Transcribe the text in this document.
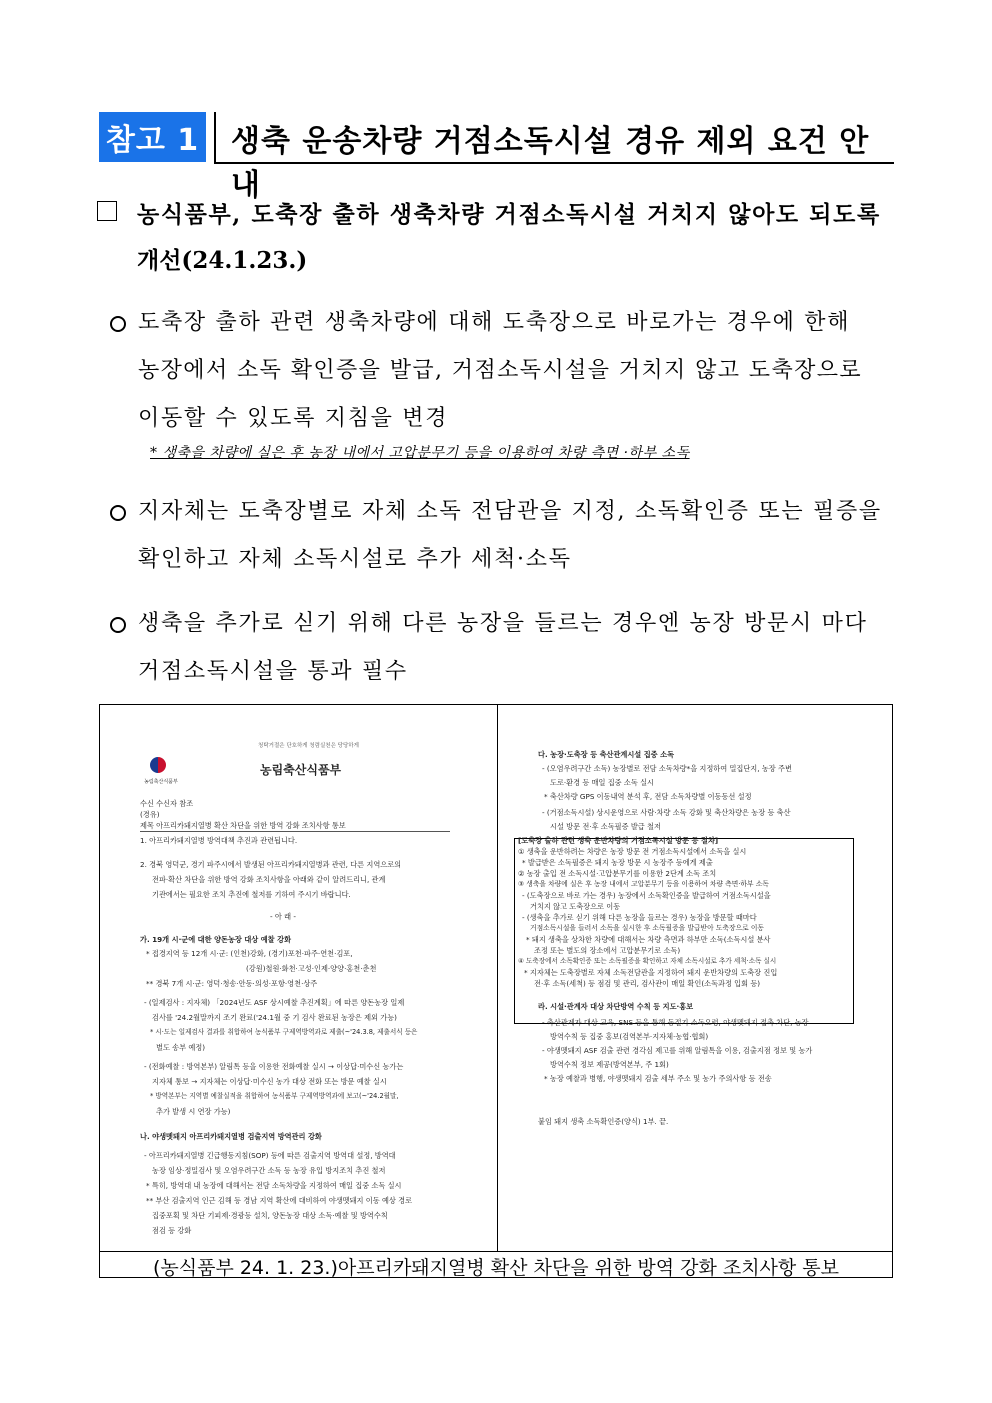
참고 1 생축 운송차량 거점소독시설 경유 제외 요건 안내
농식품부, 도축장 출하 생축차량 거점소독시설 거치지 않아도 되도록
개선(24.1.23.)
도축장 출하 관련 생축차량에 대해 도축장으로 바로가는 경우에 한해
농장에서 소독 확인증을 발급, 거점소독시설을 거치지 않고 도축장으로
이동할 수 있도록 지침을 변경
* 생축을 차량에 실은 후 농장 내에서 고압분무기 등을 이용하여 차량 측면 ·하부 소독
지자체는 도축장별로 자체 소독 전담관을 지정, 소독확인증 또는 필증을
확인하고 자체 소독시설로 추가 세척·소독
생축을 추가로 싣기 위해 다른 농장을 들르는 경우엔 농장 방문시 마다
거점소독시설을 통과 필수
청탁거절은 단호하게 청렴실천은 당당하게
농림축산식품부
농림축산식품부
수신 수신자 참조
(경유)
제목 아프리카돼지열병 확산 차단을 위한 방역 강화 조치사항 통보
1. 아프리카돼지열병 방역대책 추진과 관련됩니다.
2. 경북 영덕군, 경기 파주시에서 발생된 아프리카돼지열병과 관련, 다른 지역으로의
전파·확산 차단을 위한 방역 강화 조치사항을 아래와 같이 알려드리니, 관계
기관에서는 필요한 조치 추진에 철저를 기하여 주시기 바랍니다.
- 아 래 -
가. 19개 시·군에 대한 양돈농장 대상 예찰 강화
* 접경지역 등 12개 시·군: (인천)강화, (경기)포천·파주·연천·김포,
(강원)철원·화천·고성·인제·양양·홍천·춘천
** 경북 7개 시·군: 영덕·청송·안동·의성·포항·영천·상주
- (일제검사 : 지자체) 「2024년도 ASF 상시예찰 추진계획」에 따른 양돈농장 일제
검사를 '24.2월말까지 조기 완료('24.1월 중 기 검사 완료된 농장은 제외 가능)
* 시·도는 일제검사 결과를 취합하여 농식품부 구제역방역과로 제출(~'24.3.8, 제출서식 등은
별도 송부 예정)
- (전화예찰 : 방역본부) 알림톡 등을 이용한 전화예찰 실시 → 이상답·미수신 농가는
지자체 통보 → 지자체는 이상답·미수신 농가 대상 전화 또는 방문 예찰 실시
* 방역본부는 지역별 예찰실적을 취합하여 농식품부 구제역방역과에 보고(~'24.2월말,
추가 발생 시 연장 가능)
나. 야생멧돼지 아프리카돼지열병 검출지역 방역관리 강화
- 아프리카돼지열병 긴급행동지침(SOP) 등에 따른 검출지역 방역대 설정, 방역대
농장 임상·정밀검사 및 오염우려구간 소독 등 농장 유입 방지조치 추진 철저
* 특히, 방역대 내 농장에 대해서는 전담 소독차량을 지정하여 매일 집중 소독 실시
** 부산 검출지역 인근 김해 등 경남 지역 확산에 대비하여 야생멧돼지 이동 예상 경로
집중포획 및 차단 기피제·경광등 설치, 양돈농장 대상 소독·예찰 및 방역수칙
점검 등 강화
다. 농장·도축장 등 축산관계시설 집중 소독
- (오염우려구간 소독) 농장별로 전담 소독차량*을 지정하여 밀집단지, 농장 주변
도로·환경 등 매일 집중 소독 실시
* 축산차량 GPS 이동내역 분석 후, 전담 소독차량별 이동동선 설정
- (거점소독시설) 상시운영으로 사람·차량 소독 강화 및 축산차량은 농장 등 축산
시설 방문 전·후 소독필증 발급 철저
[도축장 출하 관련 생축 운반차량의 거점소독시설 방문 등 절차]
① 생축을 운반하려는 차량은 농장 방문 전 거점소독시설에서 소독을 실시
* 발급받은 소독필증은 돼지 농장 방문 시 농장주 등에게 제출
② 농장 출입 전 소독시설·고압분무기를 이용한 2단계 소독 조치
③ 생축을 차량에 실은 후 농장 내에서 고압분무기 등을 이용하여 차량 측면·하부 소독
- (도축장으로 바로 가는 경우) 농장에서 소독확인증을 발급하여 거점소독시설을
거치지 않고 도축장으로 이동
- (생축을 추가로 싣기 위해 다른 농장을 들르는 경우) 농장을 방문할 때마다
거점소독시설을 들러서 소독을 실시한 후 소독필증을 발급받아 도축장으로 이동
* 돼지 생축을 상차한 차량에 대해서는 차량 측면과 하부만 소독(소독시설 분사
조정 또는 별도의 장소에서 고압분무기로 소독)
④ 도축장에서 소독확인증 또는 소독필증을 확인하고 자체 소독시설로 추가 세척·소독 실시
* 지자체는 도축장별로 자체 소독전담관을 지정하여 돼지 운반차량의 도축장 진입
전·후 소독(세척) 등 점검 및 관리, 검사관이 매일 확인(소독과정 입회 등)
라. 시설·관계자 대상 차단방역 수칙 등 지도·홍보
- 축산관계자 대상 교육, SNS 등을 통해 동절기 소독요령, 야생멧돼지 접촉 차단, 농장
방역수칙 등 집중 홍보(검역본부·지자체·농협·협회)
- 야생멧돼지 ASF 검출 관련 경각심 제고를 위해 알림톡을 이용, 검출지점 정보 및 농가
방역수칙 정보 제공(방역본부, 주 1회)
* 농장 예찰과 병행, 야생멧돼지 검출 세부 주소 및 농가 주의사항 등 전송
붙임 돼지 생축 소독확인증(양식) 1부. 끝.
(농식품부 24. 1. 23.)아프리카돼지열병 확산 차단을 위한 방역 강화 조치사항 통보
